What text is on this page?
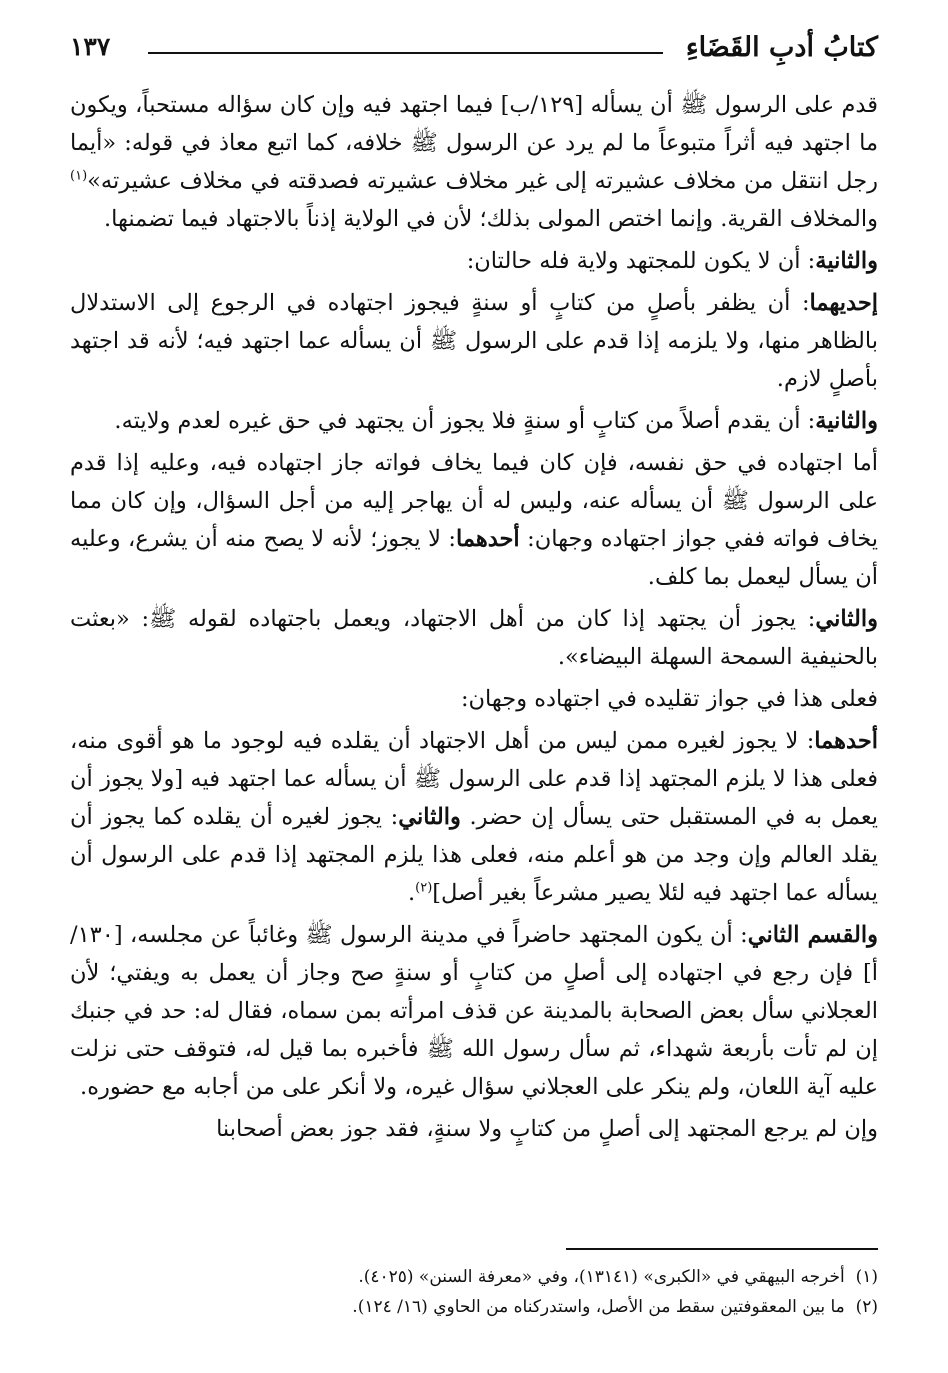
كتابُ أدبِ القَضَاءِ
١٣٧

قدم على الرسول ﷺ أن يسأله [١٢٩/ب] فيما اجتهد فيه وإن كان سؤاله مستحباً، ويكون ما اجتهد فيه أثراً متبوعاً ما لم يرد عن الرسول ﷺ خلافه، كما اتبع معاذ في قوله: «أيما رجل انتقل من مخلاف عشيرته إلى غير مخلاف عشيرته فصدقته في مخلاف عشيرته»$^{(١)}$ والمخلاف القرية. وإنما اختص المولى بذلك؛ لأن في الولاية إذناً بالاجتهاد فيما تضمنها.

والثانية: أن لا يكون للمجتهد ولاية فله حالتان:

إحديهما: أن يظفر بأصلٍ من كتابٍ أو سنةٍ فيجوز اجتهاده في الرجوع إلى الاستدلال بالظاهر منها، ولا يلزمه إذا قدم على الرسول ﷺ أن يسأله عما اجتهد فيه؛ لأنه قد اجتهد بأصلٍ لازم.

والثانية: أن يقدم أصلاً من كتابٍ أو سنةٍ فلا يجوز أن يجتهد في حق غيره لعدم ولايته.

أما اجتهاده في حق نفسه، فإن كان فيما يخاف فواته جاز اجتهاده فيه، وعليه إذا قدم على الرسول ﷺ أن يسأله عنه، وليس له أن يهاجر إليه من أجل السؤال، وإن كان مما يخاف فواته ففي جواز اجتهاده وجهان: أحدهما: لا يجوز؛ لأنه لا يصح منه أن يشرع، وعليه أن يسأل ليعمل بما كلف.

والثاني: يجوز أن يجتهد إذا كان من أهل الاجتهاد، ويعمل باجتهاده لقوله ﷺ: «بعثت بالحنيفية السمحة السهلة البيضاء».

فعلى هذا في جواز تقليده في اجتهاده وجهان:

أحدهما: لا يجوز لغيره ممن ليس من أهل الاجتهاد أن يقلده فيه لوجود ما هو أقوى منه، فعلى هذا لا يلزم المجتهد إذا قدم على الرسول ﷺ أن يسأله عما اجتهد فيه [ولا يجوز أن يعمل به في المستقبل حتى يسأل إن حضر. والثاني: يجوز لغيره أن يقلده كما يجوز أن يقلد العالم وإن وجد من هو أعلم منه، فعلى هذا يلزم المجتهد إذا قدم على الرسول أن يسأله عما اجتهد فيه لئلا يصير مشرعاً بغير أصل]$^{(٢)}$.

والقسم الثاني: أن يكون المجتهد حاضراً في مدينة الرسول ﷺ وغائباً عن مجلسه، [١٣٠/أ] فإن رجع في اجتهاده إلى أصلٍ من كتابٍ أو سنةٍ صح وجاز أن يعمل به ويفتي؛ لأن العجلاني سأل بعض الصحابة بالمدينة عن قذف امرأته بمن سماه، فقال له: حد في جنبك إن لم تأت بأربعة شهداء، ثم سأل رسول الله ﷺ فأخبره بما قيل له، فتوقف حتى نزلت عليه آية اللعان، ولم ينكر على العجلاني سؤال غيره، ولا أنكر على من أجابه مع حضوره.

وإن لم يرجع المجتهد إلى أصلٍ من كتابٍ ولا سنةٍ، فقد جوز بعض أصحابنا

(١)  أخرجه البيهقي في «الكبرى» (١٣١٤١)، وفي «معرفة السنن» (٤٠٢٥).
(٢)  ما بين المعقوفتين سقط من الأصل، واستدركناه من الحاوي (١٦/ ١٢٤).
